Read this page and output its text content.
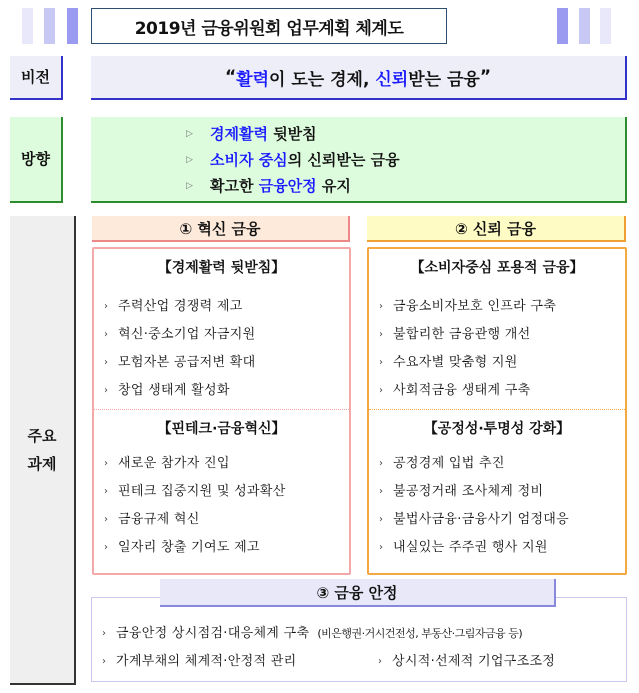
2019년 금융위원회 업무계획 체계도
비전	“ 활력 이 도는 경제, 신뢰 받는 금융 ”
방향
▷	경제활력 뒷받침
▷	소비자 중심 의 신뢰받는 금융
▷	확고한 금융안정 유지
주요
과제
① 혁신 금융
【경제활력 뒷받침】
› 주력산업 경쟁력 제고
› 혁신·중소기업 자금지원
› 모험자본 공급저변 확대
› 창업 생태계 활성화
【핀테크·금융혁신】
› 새로운 참가자 진입
› 핀테크 집중지원 및 성과확산
› 금융규제 혁신
› 일자리 창출 기여도 제고
② 신뢰 금융
【소비자중심 포용적 금융】
› 금융소비자보호 인프라 구축
› 불합리한 금융관행 개선
› 수요자별 맞춤형 지원
› 사회적금융 생태계 구축
【공정성·투명성 강화】
› 공정경제 입법 추진
› 불공정거래 조사체계 정비
› 불법사금융·금융사기 엄정대응
› 내실있는 주주권 행사 지원
③ 금융 안정
› 금융안정 상시점검·대응체계 구축 (비은행권·거시건전성, 부동산·그림자금융 등)
› 가계부채의 체계적·안정적 관리	› 상시적·선제적 기업구조조정
